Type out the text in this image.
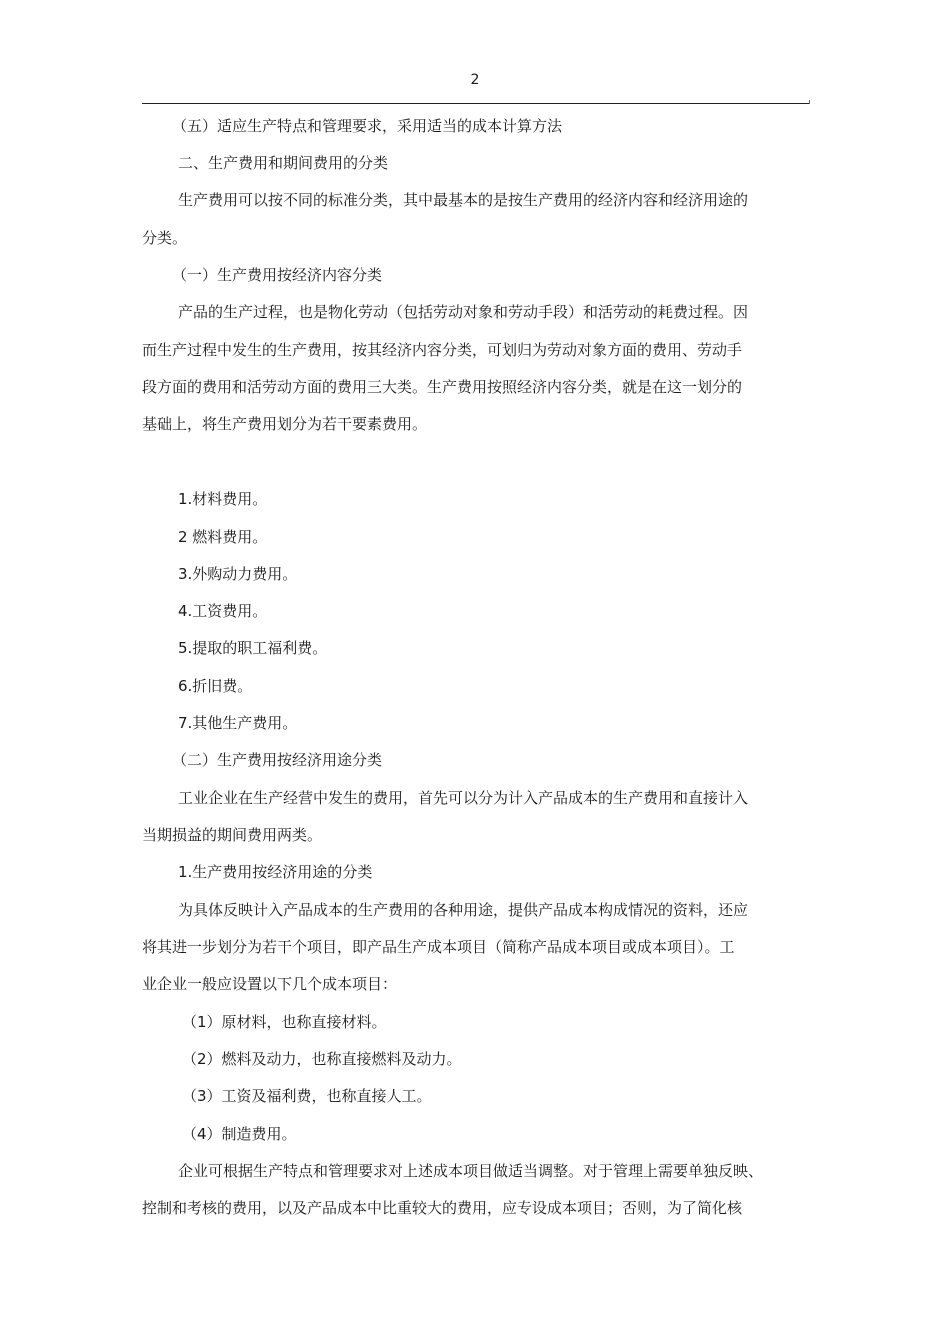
2
（五）适应生产特点和管理要求，采用适当的成本计算方法
二、生产费用和期间费用的分类
生产费用可以按不同的标准分类，其中最基本的是按生产费用的经济内容和经济用途的
分类。
（一）生产费用按经济内容分类
产品的生产过程，也是物化劳动（包括劳动对象和劳动手段）和活劳动的耗费过程。因
而生产过程中发生的生产费用，按其经济内容分类，可划归为劳动对象方面的费用、劳动手
段方面的费用和活劳动方面的费用三大类。生产费用按照经济内容分类，就是在这一划分的
基础上，将生产费用划分为若干要素费用。
1.材料费用。
2 燃料费用。
3.外购动力费用。
4.工资费用。
5.提取的职工福利费。
6.折旧费。
7.其他生产费用。
（二）生产费用按经济用途分类
工业企业在生产经营中发生的费用，首先可以分为计入产品成本的生产费用和直接计入
当期损益的期间费用两类。
1.生产费用按经济用途的分类
为具体反映计入产品成本的生产费用的各种用途，提供产品成本构成情况的资料，还应
将其进一步划分为若干个项目，即产品生产成本项目（简称产品成本项目或成本项目）。工
业企业一般应设置以下几个成本项目：
（1）原材料，也称直接材料。
（2）燃料及动力，也称直接燃料及动力。
（3）工资及福利费，也称直接人工。
（4）制造费用。
企业可根据生产特点和管理要求对上述成本项目做适当调整。对于管理上需要单独反映、
控制和考核的费用，以及产品成本中比重较大的费用，应专设成本项目；否则，为了简化核
